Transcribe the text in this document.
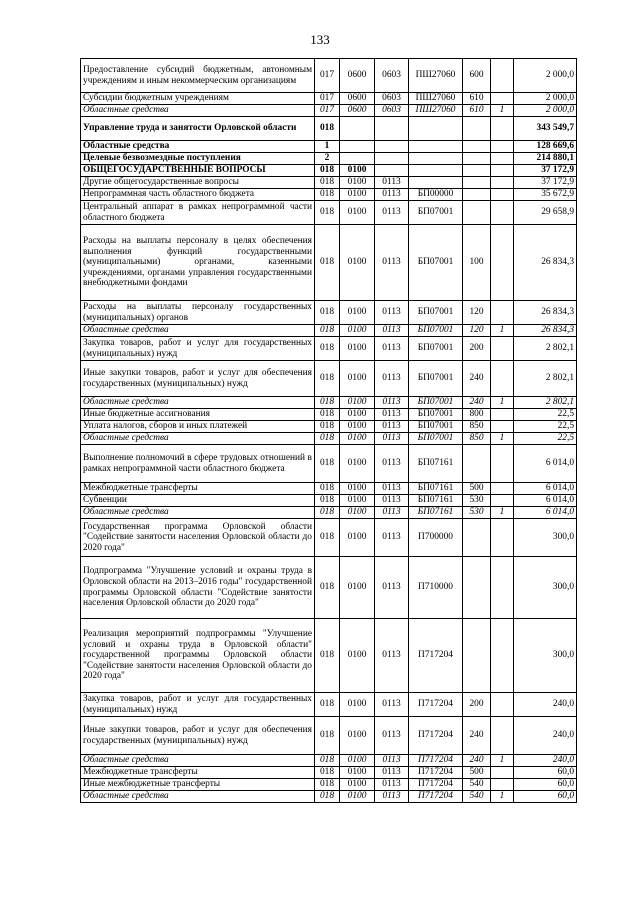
133
Предоставление субсидий бюджетным, автономным учреждениям и иным некоммерческим организациям	017	0600	0603	ПШ27060	600		2 000,0
Субсидии бюджетным учреждениям	017	0600	0603	ПШ27060	610		2 000,0
Областные средства	017	0600	0603	ПШ27060	610	1	2 000,0
Управление труда и занятости Орловской области	018						343 549,7
Областные средства	1						128 669,6
Целевые безвозмездные поступления	2						214 880,1
ОБЩЕГОСУДАРСТВЕННЫЕ ВОПРОСЫ	018	0100					37 172,9
Другие общегосударственные вопросы	018	0100	0113				37 172,9
Непрограммная часть областного бюджета	018	0100	0113	БП00000			35 672,9
Центральный аппарат в рамках непрограммной части областного бюджета	018	0100	0113	БП07001			29 658,9
Расходы на выплаты персоналу в целях обеспечения выполнения функций государственными (муниципальными) органами, казенными учреждениями, органами управления государственными внебюджетными фондами	018	0100	0113	БП07001	100		26 834,3
Расходы на выплаты персоналу государственных (муниципальных) органов	018	0100	0113	БП07001	120		26 834,3
Областные средства	018	0100	0113	БП07001	120	1	26 834,3
Закупка товаров, работ и услуг для государственных (муниципальных) нужд	018	0100	0113	БП07001	200		2 802,1
Иные закупки товаров, работ и услуг для обеспечения государственных (муниципальных) нужд	018	0100	0113	БП07001	240		2 802,1
Областные средства	018	0100	0113	БП07001	240	1	2 802,1
Иные бюджетные ассигнования	018	0100	0113	БП07001	800		22,5
Уплата налогов, сборов и иных платежей	018	0100	0113	БП07001	850		22,5
Областные средства	018	0100	0113	БП07001	850	1	22,5
Выполнение полномочий в сфере трудовых отношений в рамках непрограммной части областного бюджета	018	0100	0113	БП07161			6 014,0
Межбюджетные трансферты	018	0100	0113	БП07161	500		6 014,0
Субвенции	018	0100	0113	БП07161	530		6 014,0
Областные средства	018	0100	0113	БП07161	530	1	6 014,0
Государственная программа Орловской области "Содействие занятости населения Орловской области до 2020 года"	018	0100	0113	П700000			300,0
Подпрограмма "Улучшение условий и охраны труда в Орловской области на 2013–2016 годы" государственной программы Орловской области "Содействие занятости населения Орловской области до 2020 года"	018	0100	0113	П710000			300,0
Реализация мероприятий подпрограммы "Улучшение условий и охраны труда в Орловской области" государственной программы Орловской области "Содействие занятости населения Орловской области до 2020 года"	018	0100	0113	П717204			300,0
Закупка товаров, работ и услуг для государственных (муниципальных) нужд	018	0100	0113	П717204	200		240,0
Иные закупки товаров, работ и услуг для обеспечения государственных (муниципальных) нужд	018	0100	0113	П717204	240		240,0
Областные средства	018	0100	0113	П717204	240	1	240,0
Межбюджетные трансферты	018	0100	0113	П717204	500		60,0
Иные межбюджетные трансферты	018	0100	0113	П717204	540		60,0
Областные средства	018	0100	0113	П717204	540	1	60,0
